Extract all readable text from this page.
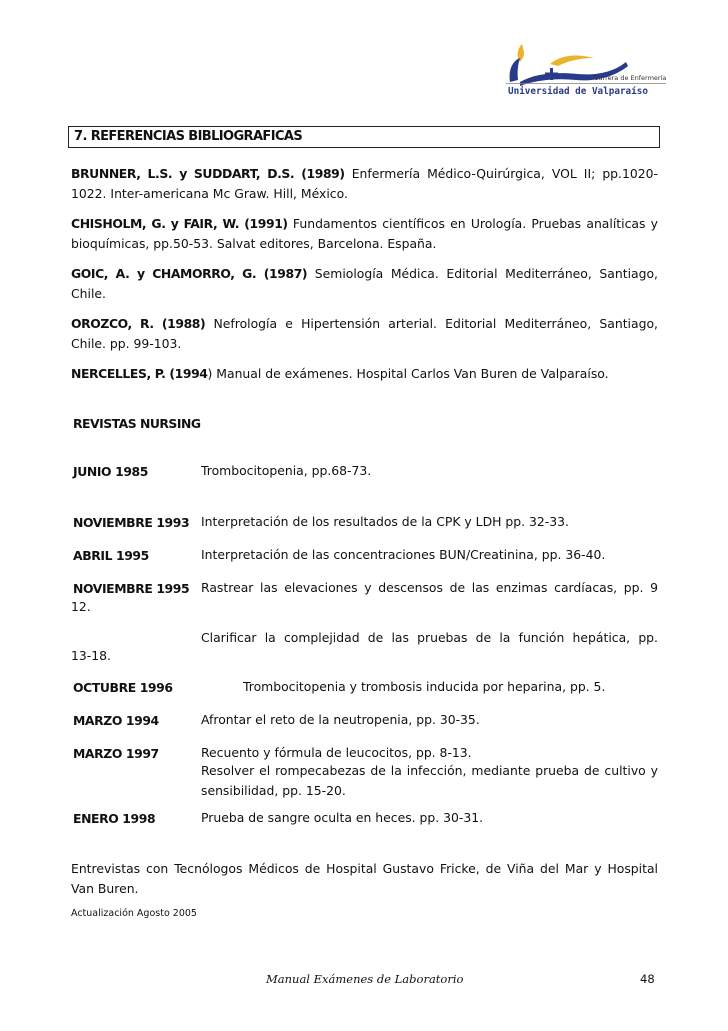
Carrera de Enfermería
Universidad de Valparaíso
7. REFERENCIAS BIBLIOGRAFICAS

BRUNNER, L.S. y SUDDART, D.S. (1989) Enfermería Médico-Quirúrgica, VOL II; pp.1020-1022. Inter-americana Mc Graw. Hill, México.

CHISHOLM, G. y FAIR, W. (1991) Fundamentos científicos en Urología. Pruebas analíticas y bioquímicas, pp.50-53. Salvat editores, Barcelona. España.

GOIC, A. y CHAMORRO, G. (1987) Semiología Médica. Editorial Mediterráneo, Santiago, Chile.

OROZCO, R. (1988) Nefrología e Hipertensión arterial. Editorial Mediterráneo, Santiago, Chile. pp. 99-103.

NERCELLES, P. (1994) Manual de exámenes. Hospital Carlos Van Buren de Valparaíso.

REVISTAS NURSING
JUNIO 1985	Trombocitopenia, pp.68-73.

NOVIEMBRE 1993 Interpretación de los resultados de la CPK y LDH pp. 32-33.

ABRIL 1995	Interpretación de las concentraciones BUN/Creatinina, pp. 36-40.

NOVIEMBRE 1995 Rastrear las elevaciones y descensos de las enzimas cardíacas, pp. 9

12.

Clarificar la complejidad de las pruebas de la función hepática, pp.

13-18.
OCTUBRE 1996	Trombocitopenia y trombosis inducida por heparina, pp. 5.

MARZO 1994	Afrontar el reto de la neutropenia, pp. 30-35.

MARZO 1997	Recuento y fórmula de leucocitos, pp. 8-13.

Resolver el rompecabezas de la infección, mediante prueba de cultivo y sensibilidad, pp. 15-20.

ENERO 1998	Prueba de sangre oculta en heces. pp. 30-31.

Entrevistas con Tecnólogos Médicos de Hospital Gustavo Fricke, de Viña del Mar y Hospital Van Buren.

Actualización Agosto 2005
Manual Exámenes de Laboratorio	48
